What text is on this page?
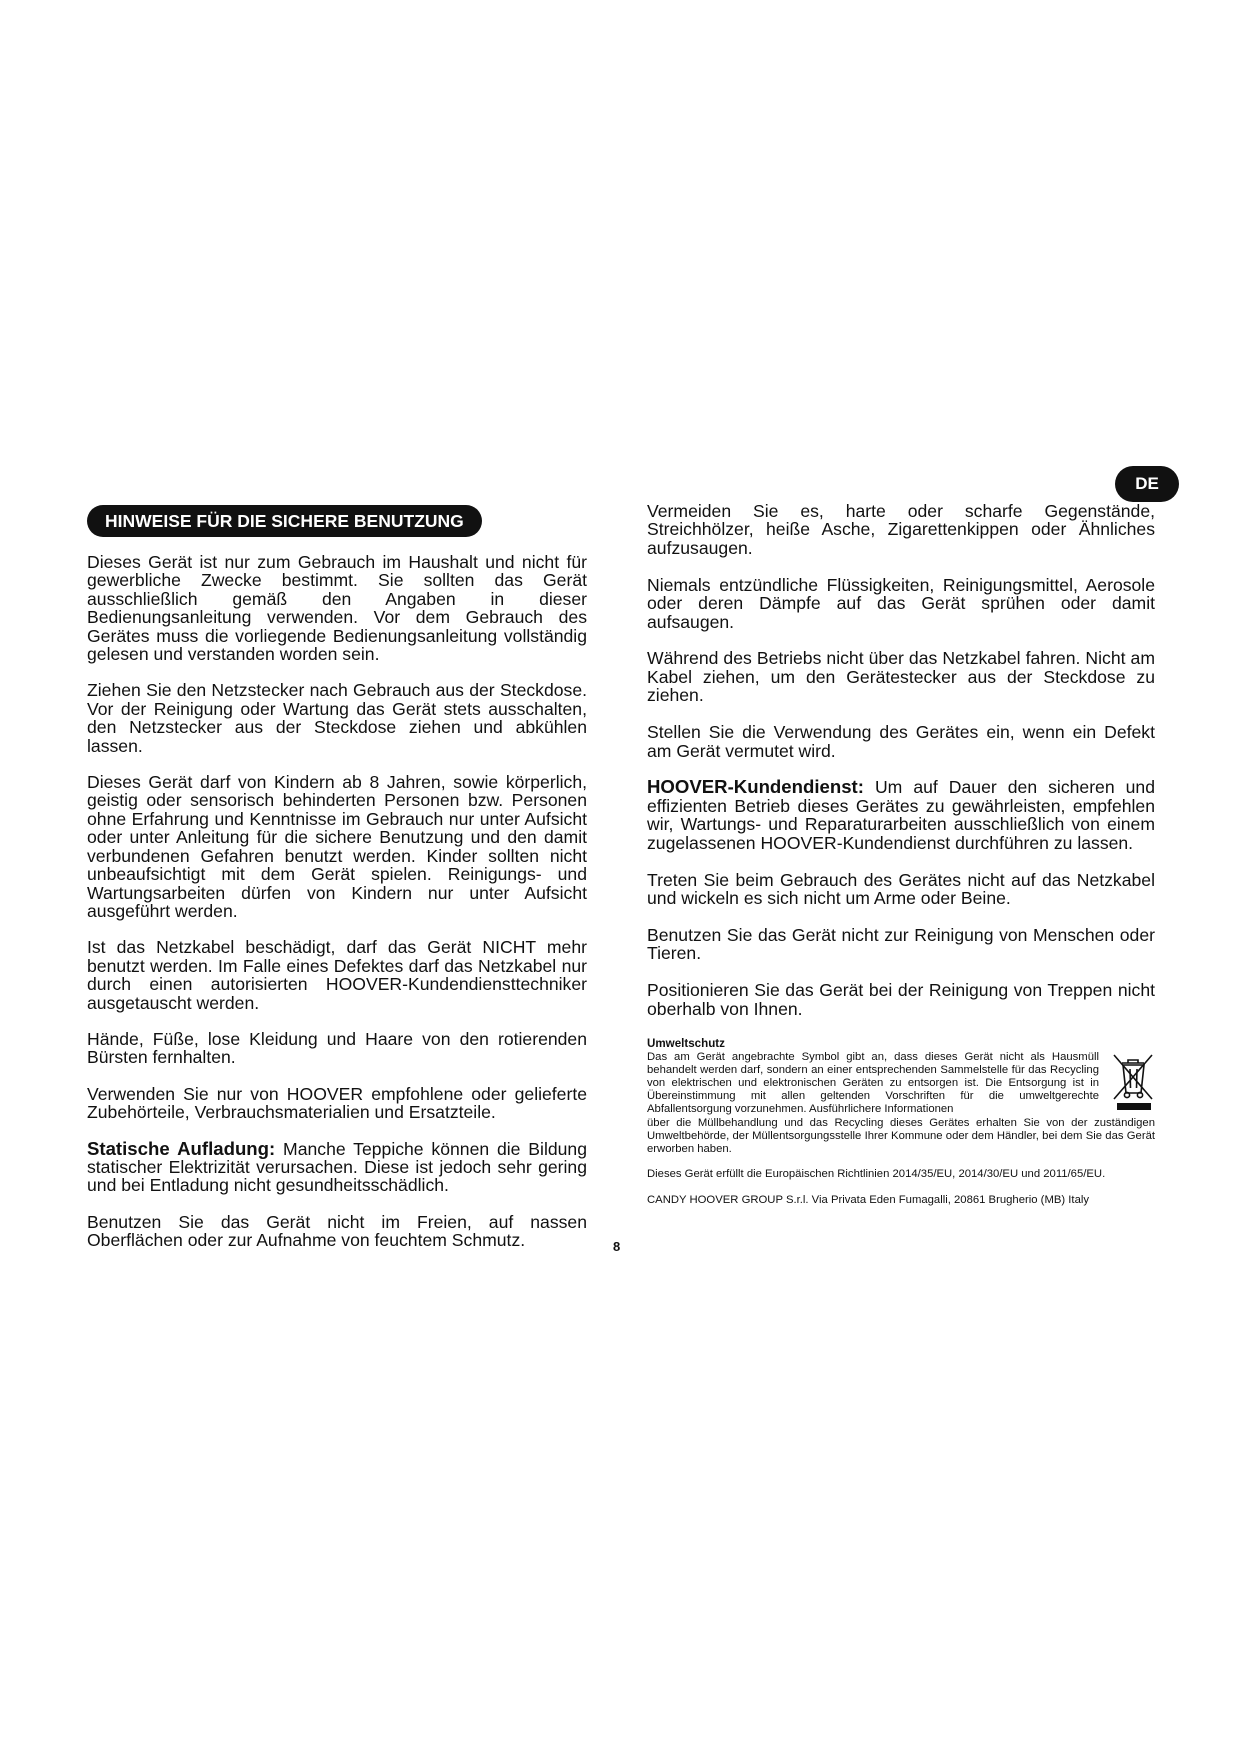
DE
HINWEISE FÜR DIE SICHERE BENUTZUNG

Dieses Gerät ist nur zum Gebrauch im Haushalt und nicht für gewerbliche Zwecke bestimmt. Sie sollten das Gerät ausschließlich gemäß den Angaben in dieser Bedienungsanleitung verwenden. Vor dem Gebrauch des Gerätes muss die vorliegende Bedienungsanleitung vollständig gelesen und verstanden worden sein.

Ziehen Sie den Netzstecker nach Gebrauch aus der Steckdose. Vor der Reinigung oder Wartung das Gerät stets ausschalten, den Netzstecker aus der Steckdose ziehen und abkühlen lassen.

Dieses Gerät darf von Kindern ab 8 Jahren, sowie körperlich, geistig oder sensorisch behinderten Personen bzw. Personen ohne Erfahrung und Kenntnisse im Gebrauch nur unter Aufsicht oder unter Anleitung für die sichere Benutzung und den damit verbundenen Gefahren benutzt werden. Kinder sollten nicht unbeaufsichtigt mit dem Gerät spielen. Reinigungs- und Wartungsarbeiten dürfen von Kindern nur unter Aufsicht ausgeführt werden.

Ist das Netzkabel beschädigt, darf das Gerät NICHT mehr benutzt werden. Im Falle eines Defektes darf das Netzkabel nur durch einen autorisierten HOOVER-Kundendiensttechniker ausgetauscht werden.

Hände, Füße, lose Kleidung und Haare von den rotierenden Bürsten fernhalten.

Verwenden Sie nur von HOOVER empfohlene oder gelieferte Zubehörteile, Verbrauchsmaterialien und Ersatzteile.

Statische Aufladung: Manche Teppiche können die Bildung statischer Elektrizität verursachen. Diese ist jedoch sehr gering und bei Entladung nicht gesundheitsschädlich.

Benutzen Sie das Gerät nicht im Freien, auf nassen Oberflächen oder zur Aufnahme von feuchtem Schmutz.

Vermeiden Sie es, harte oder scharfe Gegenstände, Streichhölzer, heiße Asche, Zigarettenkippen oder Ähnliches aufzusaugen.

Niemals entzündliche Flüssigkeiten, Reinigungsmittel, Aerosole oder deren Dämpfe auf das Gerät sprühen oder damit aufsaugen.

Während des Betriebs nicht über das Netzkabel fahren. Nicht am Kabel ziehen, um den Gerätestecker aus der Steckdose zu ziehen.

Stellen Sie die Verwendung des Gerätes ein, wenn ein Defekt am Gerät vermutet wird.

HOOVER-Kundendienst: Um auf Dauer den sicheren und effizienten Betrieb dieses Gerätes zu gewährleisten, empfehlen wir, Wartungs- und Reparaturarbeiten ausschließlich von einem zugelassenen HOOVER-Kundendienst durchführen zu lassen.

Treten Sie beim Gebrauch des Gerätes nicht auf das Netzkabel und wickeln es sich nicht um Arme oder Beine.

Benutzen Sie das Gerät nicht zur Reinigung von Menschen oder Tieren.

Positionieren Sie das Gerät bei der Reinigung von Treppen nicht oberhalb von Ihnen.

Umweltschutz

Das am Gerät angebrachte Symbol gibt an, dass dieses Gerät nicht als Hausmüll behandelt werden darf, sondern an einer entsprechenden Sammelstelle für das Recycling von elektrischen und elektronischen Geräten zu entsorgen ist. Die Entsorgung ist in Übereinstimmung mit allen geltenden Vorschriften für die umweltgerechte Abfallentsorgung vorzunehmen. Ausführlichere Informationen

über die Müllbehandlung und das Recycling dieses Gerätes erhalten Sie von der zuständigen Umweltbehörde, der Müllentsorgungsstelle Ihrer Kommune oder dem Händler, bei dem Sie das Gerät erworben haben.

Dieses Gerät erfüllt die Europäischen Richtlinien 2014/35/EU, 2014/30/EU und 2011/65/EU.

CANDY HOOVER GROUP S.r.l. Via Privata Eden Fumagalli, 20861 Brugherio (MB) Italy

8
